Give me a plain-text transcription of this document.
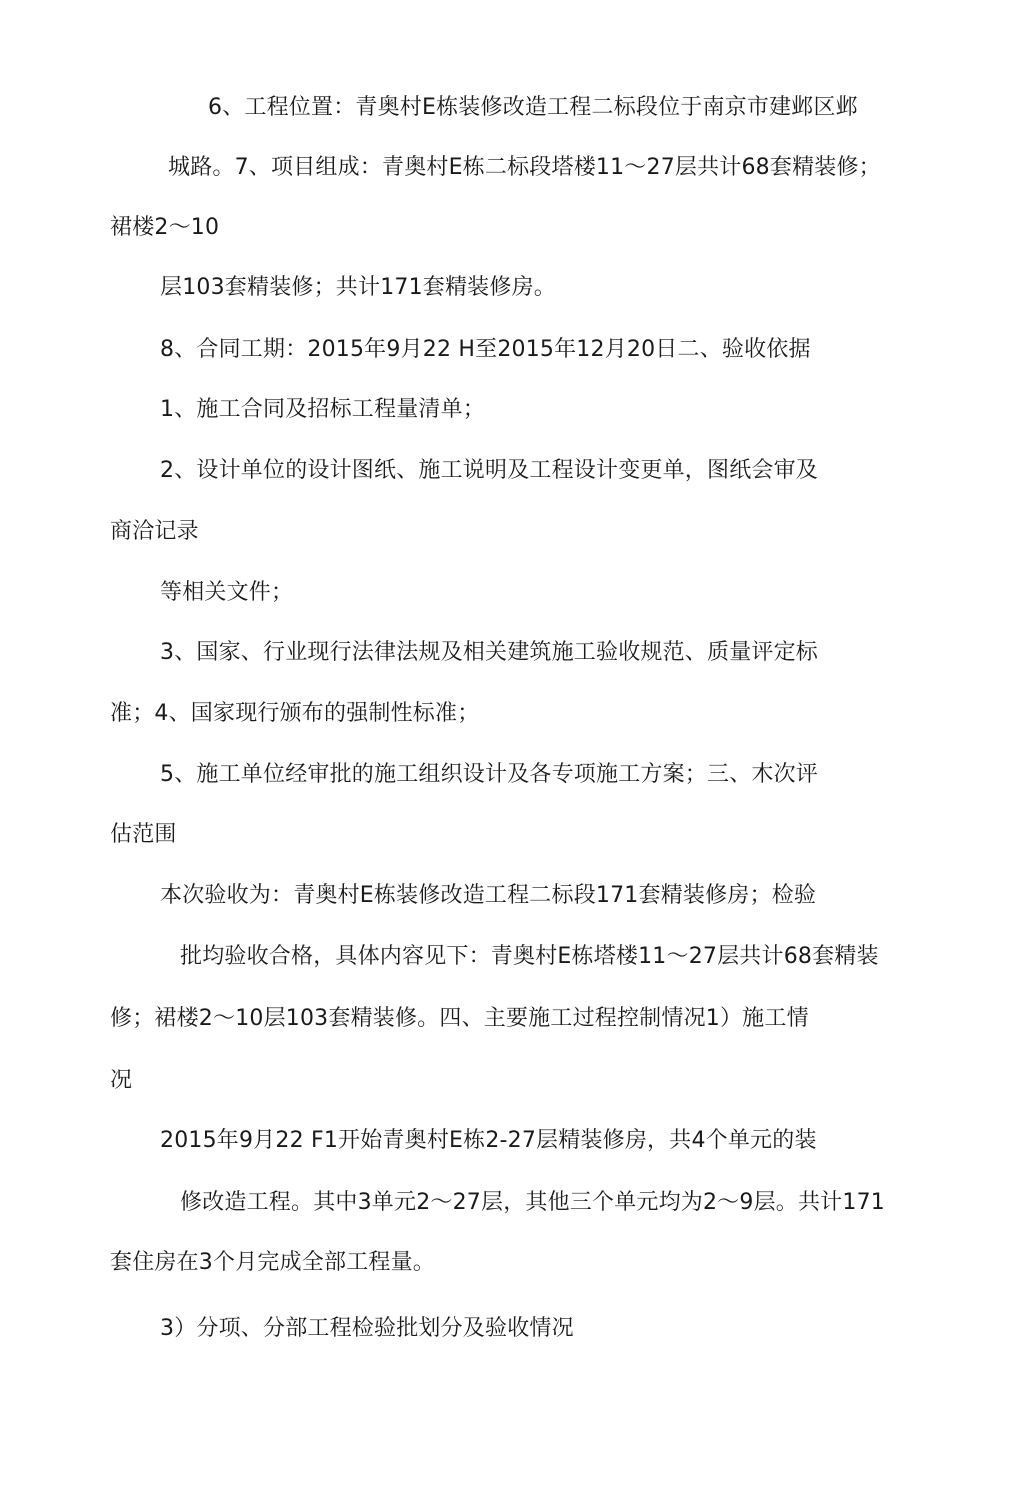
6、工程位置：青奥村E栋装修改造工程二标段位于南京市建邺区邺
城路。7、项目组成：青奥村E栋二标段塔楼11～27层共计68套精装修；
裙楼2～10
层103套精装修；共计171套精装修房。
8、合同工期：2015年9月22 H至2015年12月20日二、验收依据
1、施工合同及招标工程量清单；
2、设计单位的设计图纸、施工说明及工程设计变更单，图纸会审及
商洽记录
等相关文件；
3、国家、行业现行法律法规及相关建筑施工验收规范、质量评定标
准；4、国家现行颁布的强制性标准；
5、施工单位经审批的施工组织设计及各专项施工方案；三、木次评
估范围
本次验收为：青奥村E栋装修改造工程二标段171套精装修房；检验
批均验收合格，具体内容见下：青奥村E栋塔楼11～27层共计68套精装
修；裙楼2～10层103套精装修。四、主要施工过程控制情况1）施工情
况
2015年9月22 F1开始青奥村E栋2-27层精装修房，共4个单元的装
修改造工程。其中3单元2～27层，其他三个单元均为2～9层。共计171
套住房在3个月完成全部工程量。
3）分项、分部工程检验批划分及验收情况
